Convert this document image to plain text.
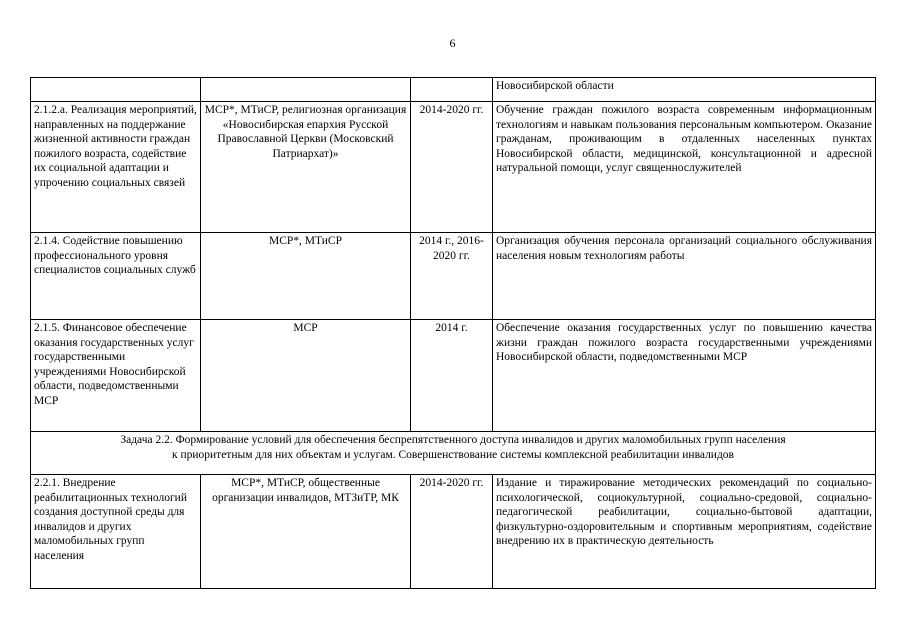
6
			Новосибирской области
2.1.2.a. Реализация мероприятий, направленных на поддержание жизненной активности граждан пожилого возраста, содействие их социальной адаптации и упрочению социальных связей	МСР*, МТиСР, религиозная организация «Новосибирская епархия Русской Православной Церкви (Московский Патриархат)»	2014-2020 гг.	Обучение граждан пожилого возраста современным информационным технологиям и навыкам пользования персональным компьютером. Оказание гражданам, проживающим в отдаленных населенных пунктах Новосибирской области, медицинской, консультационной и адресной натуральной помощи, услуг священнослужителей
2.1.4. Содействие повышению профессионального уровня специалистов социальных служб	МСР*, МТиСР	2014 г., 2016-2020 гг.	Организация обучения персонала организаций социального обслуживания населения новым технологиям работы
2.1.5. Финансовое обеспечение оказания государственных услуг государственными учреждениями Новосибирской области, подведомственными МСР	МСР	2014 г.	Обеспечение оказания государственных услуг по повышению качества жизни граждан пожилого возраста государственными учреждениями Новосибирской области, подведомственными МСР

Задача 2.2. Формирование условий для обеспечения беспрепятственного доступа инвалидов и других маломобильных групп населения
к приоритетным для них объектам и услугам. Совершенствование системы комплексной реабилитации инвалидов			

2.2.1. Внедрение реабилитационных технологий создания доступной среды для инвалидов и других маломобильных групп населения	МСР*, МТиСР, общественные организации инвалидов, МТЗиТР, МК	2014-2020 гг.	Издание и тиражирование методических рекомендаций по социально-психологической, социокультурной, социально-средовой, социально-педагогической реабилитации, социально-бытовой адаптации, физкультурно-оздоровительным и спортивным мероприятиям, содействие внедрению их в практическую деятельность
